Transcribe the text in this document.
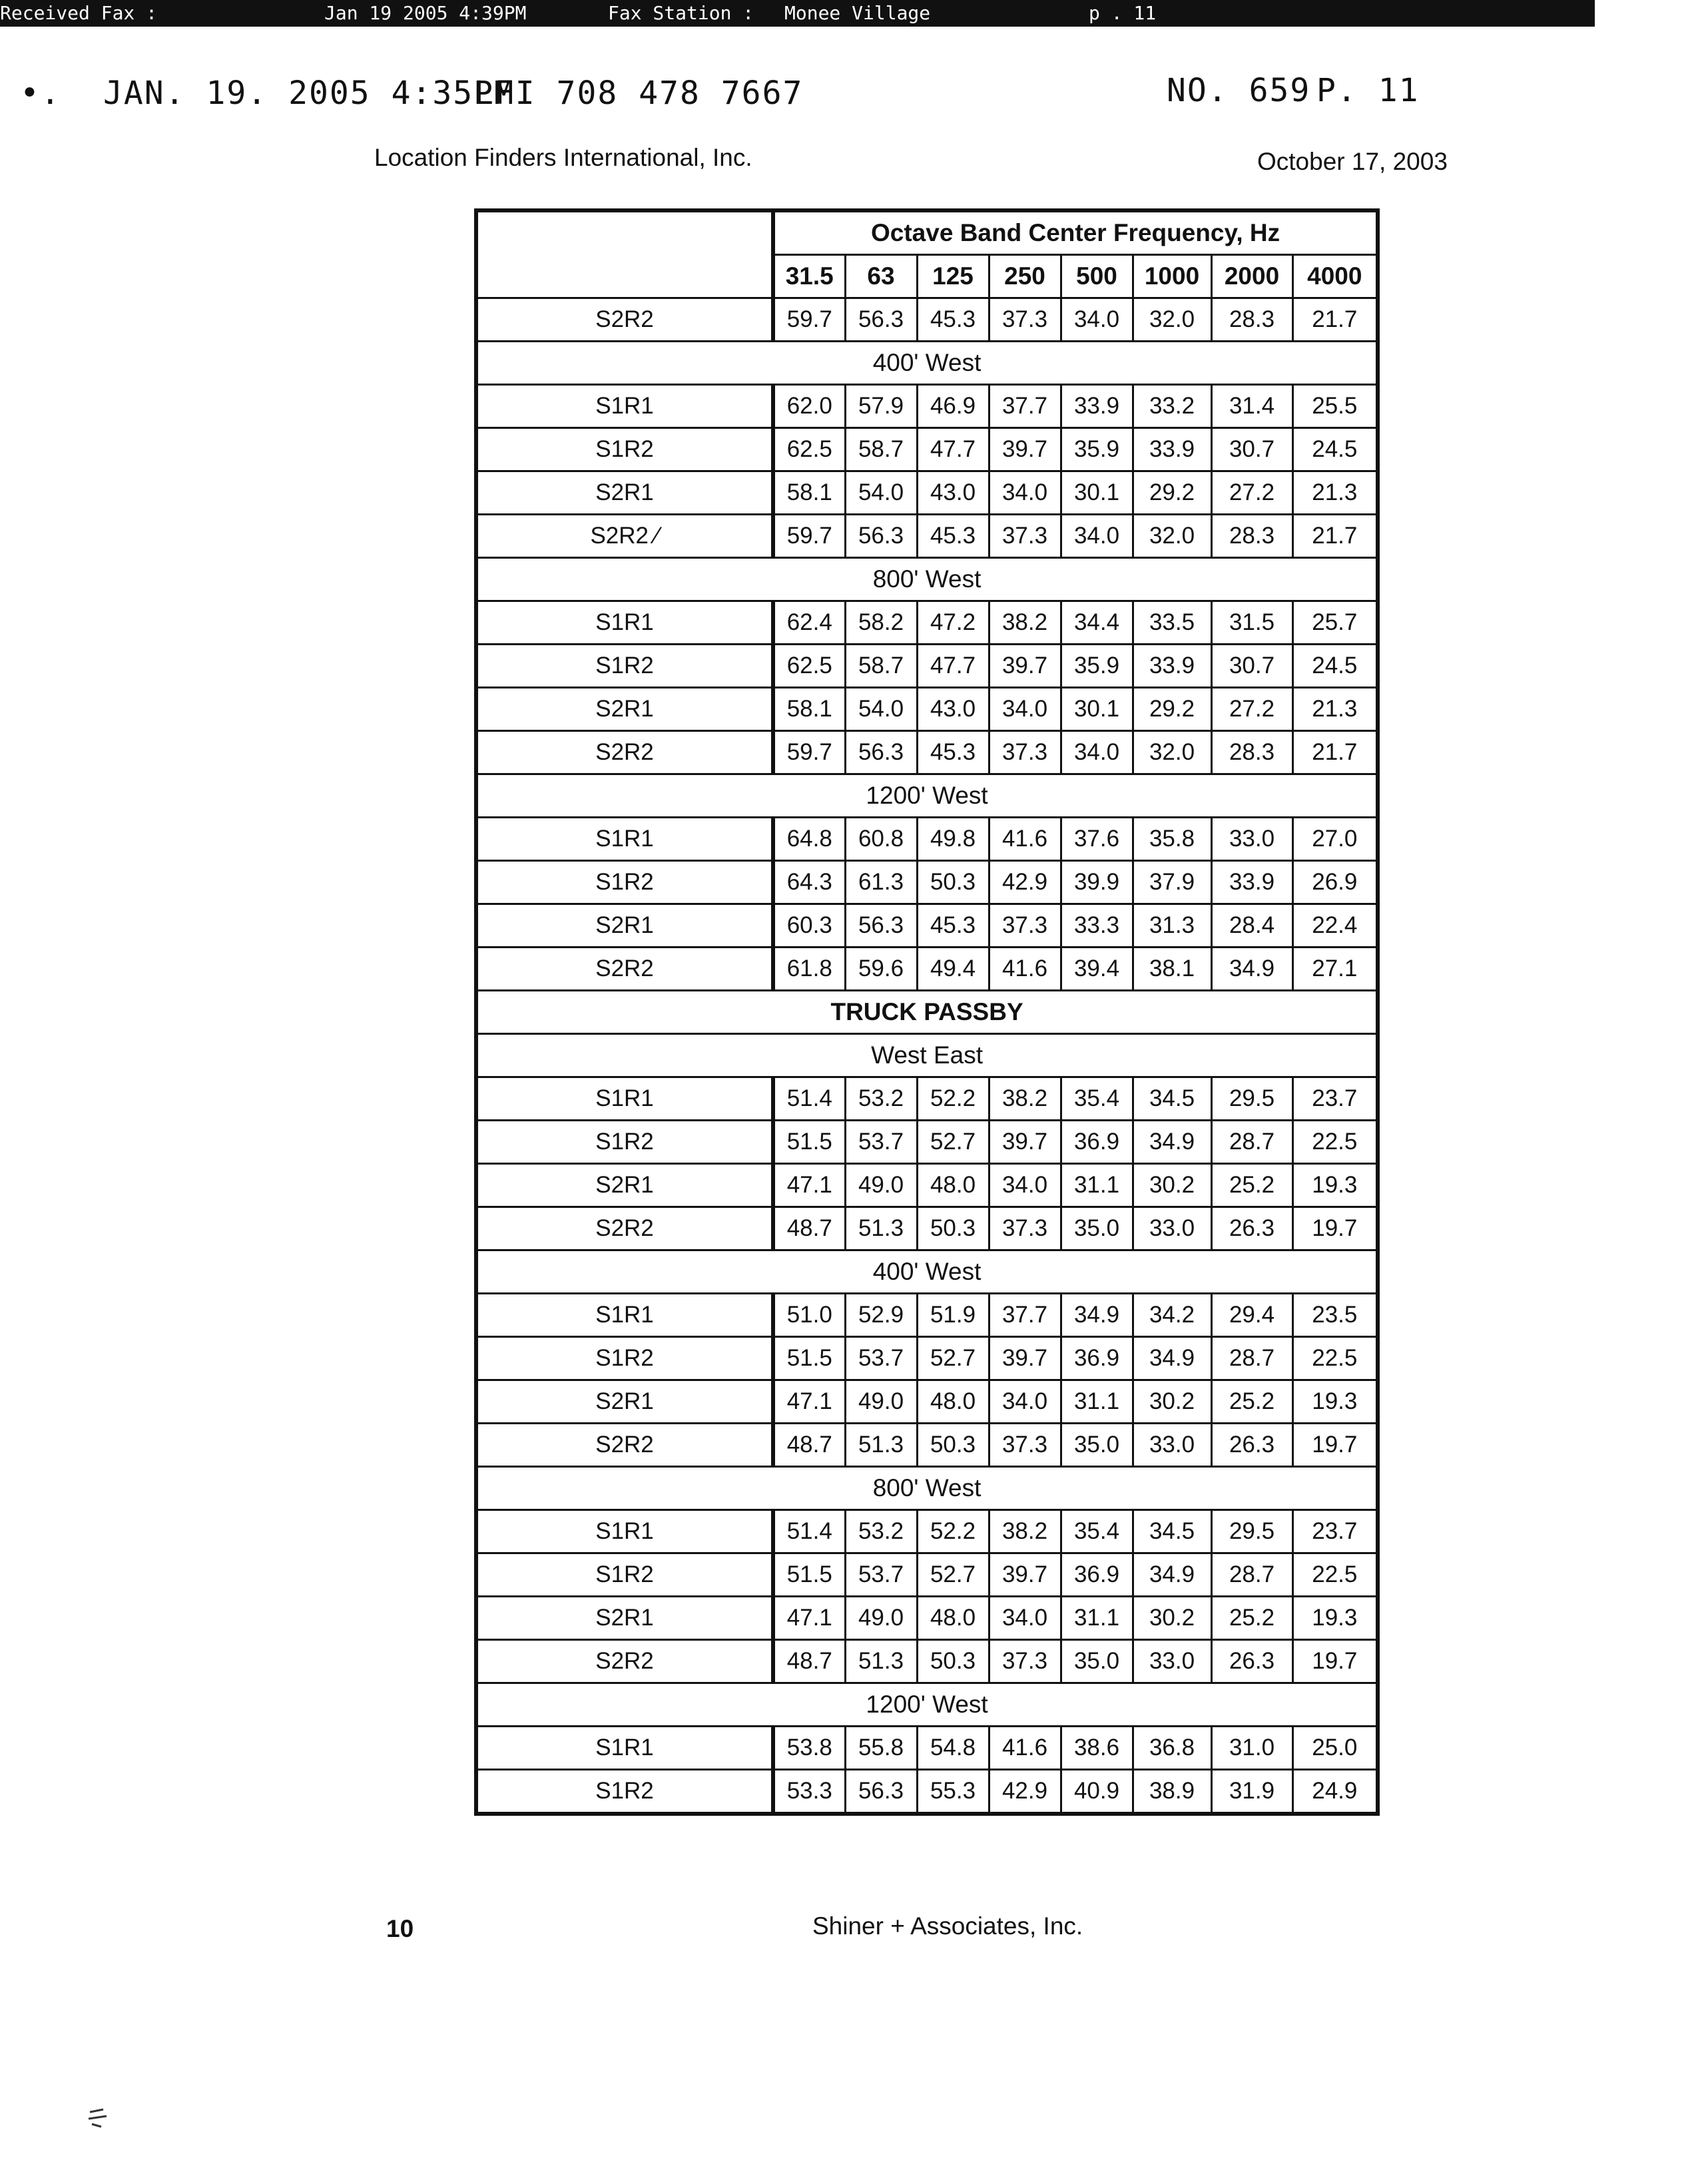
Received Fax :	Jan 19 2005 4:39PM	Fax Station : Monee Village	p . 11
•. JAN. 19. 2005 4:35PM
LFI 708 478 7667	NO. 659 P. 11
Location Finders International, Inc.	October 17, 2003
	Octave Band Center Frequency, Hz							
	31.5	63	125	250	500	1000	2000	4000
S2R2	59.7	56.3	45.3	37.3	34.0	32.0	28.3	21.7
400' West								
S1R1	62.0	57.9	46.9	37.7	33.9	33.2	31.4	25.5
S1R2	62.5	58.7	47.7	39.7	35.9	33.9	30.7	24.5
S2R1	58.1	54.0	43.0	34.0	30.1	29.2	27.2	21.3
S2R2 ⁄	59.7	56.3	45.3	37.3	34.0	32.0	28.3	21.7
800' West								
S1R1	62.4	58.2	47.2	38.2	34.4	33.5	31.5	25.7
S1R2	62.5	58.7	47.7	39.7	35.9	33.9	30.7	24.5
S2R1	58.1	54.0	43.0	34.0	30.1	29.2	27.2	21.3
S2R2	59.7	56.3	45.3	37.3	34.0	32.0	28.3	21.7
1200' West								
S1R1	64.8	60.8	49.8	41.6	37.6	35.8	33.0	27.0
S1R2	64.3	61.3	50.3	42.9	39.9	37.9	33.9	26.9
S2R1	60.3	56.3	45.3	37.3	33.3	31.3	28.4	22.4
S2R2	61.8	59.6	49.4	41.6	39.4	38.1	34.9	27.1
TRUCK PASSBY								
West East								
S1R1	51.4	53.2	52.2	38.2	35.4	34.5	29.5	23.7
S1R2	51.5	53.7	52.7	39.7	36.9	34.9	28.7	22.5
S2R1	47.1	49.0	48.0	34.0	31.1	30.2	25.2	19.3
S2R2	48.7	51.3	50.3	37.3	35.0	33.0	26.3	19.7
400' West								
S1R1	51.0	52.9	51.9	37.7	34.9	34.2	29.4	23.5
S1R2	51.5	53.7	52.7	39.7	36.9	34.9	28.7	22.5
S2R1	47.1	49.0	48.0	34.0	31.1	30.2	25.2	19.3
S2R2	48.7	51.3	50.3	37.3	35.0	33.0	26.3	19.7
800' West								
S1R1	51.4	53.2	52.2	38.2	35.4	34.5	29.5	23.7
S1R2	51.5	53.7	52.7	39.7	36.9	34.9	28.7	22.5
S2R1	47.1	49.0	48.0	34.0	31.1	30.2	25.2	19.3
S2R2	48.7	51.3	50.3	37.3	35.0	33.0	26.3	19.7
1200' West								
S1R1	53.8	55.8	54.8	41.6	38.6	36.8	31.0	25.0
S1R2	53.3	56.3	55.3	42.9	40.9	38.9	31.9	24.9
10	Shiner + Associates, Inc.
